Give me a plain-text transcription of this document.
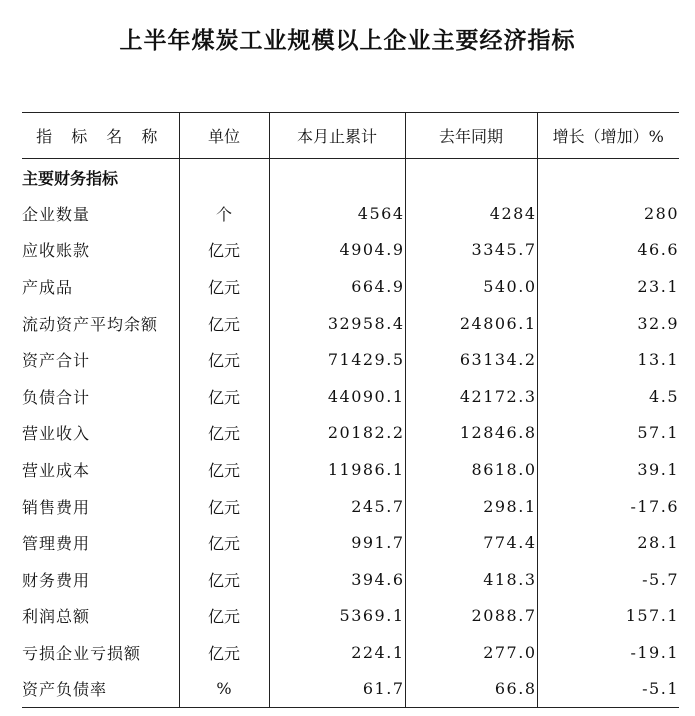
上半年煤炭工业规模以上企业主要经济指标
指 标 名 称	单位	本月止累计	去年同期	增长（增加）%
主要财务指标				
企业数量	个	4564	4284	280
应收账款	亿元	4904.9	3345.7	46.6
产成品	亿元	664.9	540.0	23.1
流动资产平均余额	亿元	32958.4	24806.1	32.9
资产合计	亿元	71429.5	63134.2	13.1
负债合计	亿元	44090.1	42172.3	4.5
营业收入	亿元	20182.2	12846.8	57.1
营业成本	亿元	11986.1	8618.0	39.1
销售费用	亿元	245.7	298.1	-17.6
管理费用	亿元	991.7	774.4	28.1
财务费用	亿元	394.6	418.3	-5.7
利润总额	亿元	5369.1	2088.7	157.1
亏损企业亏损额	亿元	224.1	277.0	-19.1
资产负债率	%	61.7	66.8	-5.1
